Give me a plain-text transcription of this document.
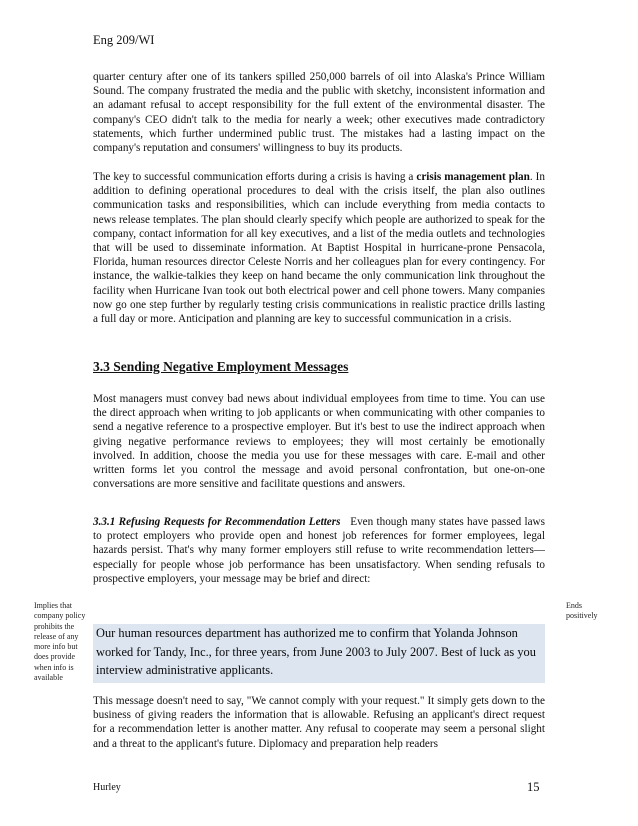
Eng 209/WI

quarter century after one of its tankers spilled 250,000 barrels of oil into Alaska's Prince William Sound. The company frustrated the media and the public with sketchy, inconsistent information and an adamant refusal to accept responsibility for the full extent of the environmental disaster. The company's CEO didn't talk to the media for nearly a week; other executives made contradictory statements, which further undermined public trust. The mistakes had a lasting impact on the company's reputation and consumers' willingness to buy its products.

The key to successful communication efforts during a crisis is having a crisis management plan. In addition to defining operational procedures to deal with the crisis itself, the plan also outlines communication tasks and responsibilities, which can include everything from media contacts to news release templates. The plan should clearly specify which people are authorized to speak for the company, contact information for all key executives, and a list of the media outlets and technologies that will be used to disseminate information. At Baptist Hospital in hurricane-prone Pensacola, Florida, human resources director Celeste Norris and her colleagues plan for every contingency. For instance, the walkie-talkies they keep on hand became the only communication link throughout the facility when Hurricane Ivan took out both electrical power and cell phone towers. Many companies now go one step further by regularly testing crisis communications in realistic practice drills lasting a full day or more. Anticipation and planning are key to successful communication in a crisis.

3.3 Sending Negative Employment Messages

Most managers must convey bad news about individual employees from time to time. You can use the direct approach when writing to job applicants or when communicating with other companies to send a negative reference to a prospective employer. But it's best to use the indirect approach when giving negative performance reviews to employees; they will most certainly be emotionally involved. In addition, choose the media you use for these messages with care. E-mail and other written forms let you control the message and avoid personal confrontation, but one-on-one conversations are more sensitive and facilitate questions and answers.

3.3.1 Refusing Requests for Recommendation Letters Even though many states have passed laws to protect employers who provide open and honest job references for former employees, legal hazards persist. That's why many former employers still refuse to write recommendation letters—especially for people whose job performance has been unsatisfactory. When sending refusals to prospective employers, your message may be brief and direct:

Our human resources department has authorized me to confirm that Yolanda Johnson worked for Tandy, Inc., for three years, from June 2003 to July 2007. Best of luck as you interview administrative applicants.
Implies that company policy prohibits the release of any more info but does provide when info is available
Ends positively

This message doesn't need to say, "We cannot comply with your request." It simply gets down to the business of giving readers the information that is allowable. Refusing an applicant's direct request for a recommendation letter is another matter. Any refusal to cooperate may seem a personal slight and a threat to the applicant's future. Diplomacy and preparation help readers

Hurley	15
